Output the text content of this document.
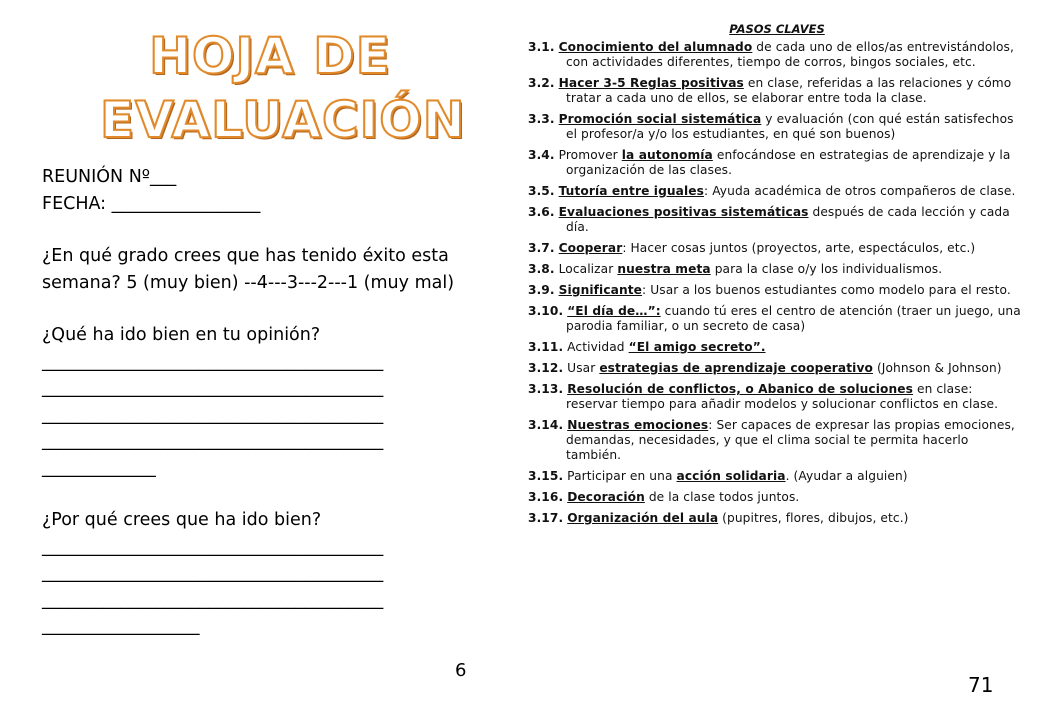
HOJA DE
EVALUACIÓN
REUNIÓN Nº___
FECHA: _________________
¿En qué grado crees que has tenido éxito esta
semana? 5 (muy bien) --4---3---2---1 (muy mal)
¿Qué ha ido bien en tu opinión?
_______________________________________
_______________________________________
_______________________________________
_______________________________________
_____________
¿Por qué crees que ha ido bien?
_______________________________________
_______________________________________
_______________________________________
__________________
6
71
PASOS CLAVES
3.1. Conocimiento del alumnado de cada uno de ellos/as entrevistándolos, con actividades diferentes, tiempo de corros, bingos sociales, etc.
3.2. Hacer 3-5 Reglas positivas en clase, referidas a las relaciones y cómo tratar a cada uno de ellos, se elaborar entre toda la clase.
3.3. Promoción social sistemática y evaluación (con qué están satisfechos el profesor/a y/o los estudiantes, en qué son buenos)
3.4. Promover la autonomía enfocándose en estrategias de aprendizaje y la organización de las clases.
3.5. Tutoría entre iguales: Ayuda académica de otros compañeros de clase.
3.6. Evaluaciones positivas sistemáticas después de cada lección y cada día.
3.7. Cooperar: Hacer cosas juntos (proyectos, arte, espectáculos, etc.)
3.8. Localizar nuestra meta para la clase o/y los individualismos.
3.9. Significante: Usar a los buenos estudiantes como modelo para el resto.
3.10. “El día de…”: cuando tú eres el centro de atención (traer un juego, una parodia familiar, o un secreto de casa)
3.11. Actividad “El amigo secreto”.
3.12. Usar estrategias de aprendizaje cooperativo (Johnson & Johnson)
3.13. Resolución de conflictos, o Abanico de soluciones en clase: reservar tiempo para añadir modelos y solucionar conflictos en clase.
3.14. Nuestras emociones: Ser capaces de expresar las propias emociones, demandas, necesidades, y que el clima social te permita hacerlo también.
3.15. Participar en una acción solidaria. (Ayudar a alguien)
3.16. Decoración de la clase todos juntos.
3.17. Organización del aula (pupitres, flores, dibujos, etc.)
